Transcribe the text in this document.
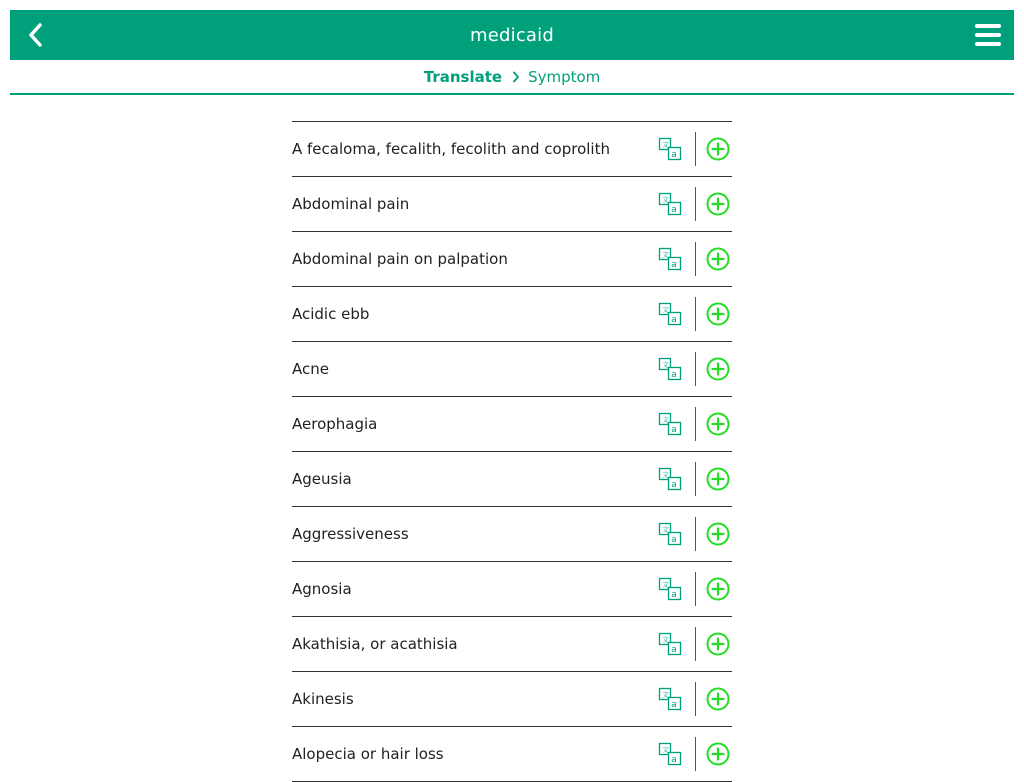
medicaid
Translate Symptom
A fecaloma, fecalith, fecolith and coprolith	文
a
Abdominal pain	文
a
Abdominal pain on palpation	文
a
Acidic ebb	文
a
Acne	文
a
Aerophagia	文
a
Ageusia	文
a
Aggressiveness	文
a
Agnosia	文
a
Akathisia, or acathisia	文
a
Akinesis	文
a
Alopecia or hair loss	文
a
